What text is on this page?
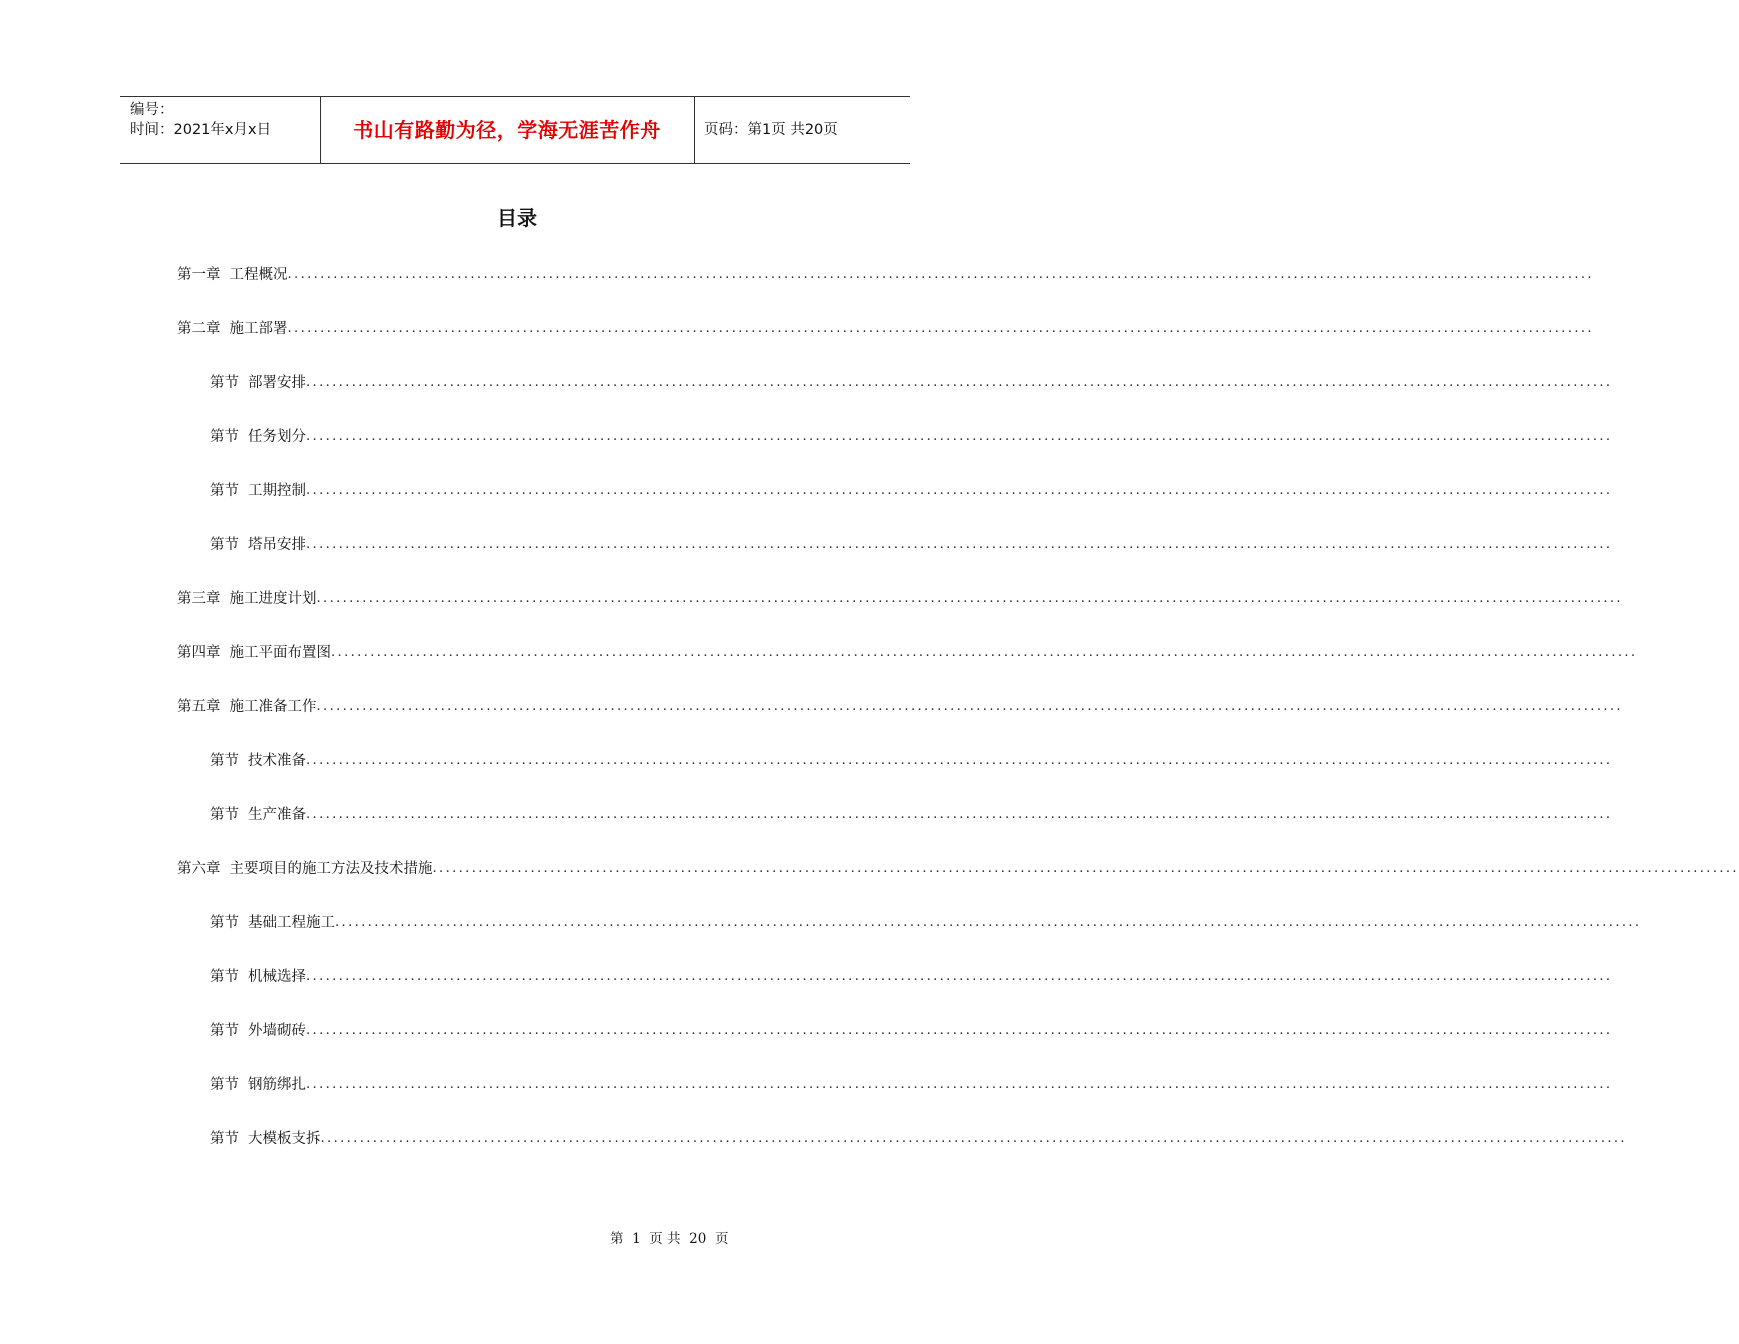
编号：
时间：2021年x月x日	书山有路勤为径，学海无涯苦作舟	页码：第1页 共20页
目录
第一章 工程概况 ........................................................................................................................................................................................................
第二章 施工部署 ........................................................................................................................................................................................................
第节 部署安排 ........................................................................................................................................................................................................
第节 任务划分 ........................................................................................................................................................................................................
第节 工期控制 ........................................................................................................................................................................................................
第节 塔吊安排 ........................................................................................................................................................................................................
第三章 施工进度计划 ........................................................................................................................................................................................................
第四章 施工平面布置图 ........................................................................................................................................................................................................
第五章 施工准备工作 ........................................................................................................................................................................................................
第节 技术准备 ........................................................................................................................................................................................................
第节 生产准备 ........................................................................................................................................................................................................
第六章 主要项目的施工方法及技术措施 ........................................................................................................................................................................................................
第节 基础工程施工 ........................................................................................................................................................................................................
第节 机械选择 ........................................................................................................................................................................................................
第节 外墙砌砖 ........................................................................................................................................................................................................
第节 钢筋绑扎 ........................................................................................................................................................................................................
第节 大模板支拆 ........................................................................................................................................................................................................
第 1 页 共 20 页
